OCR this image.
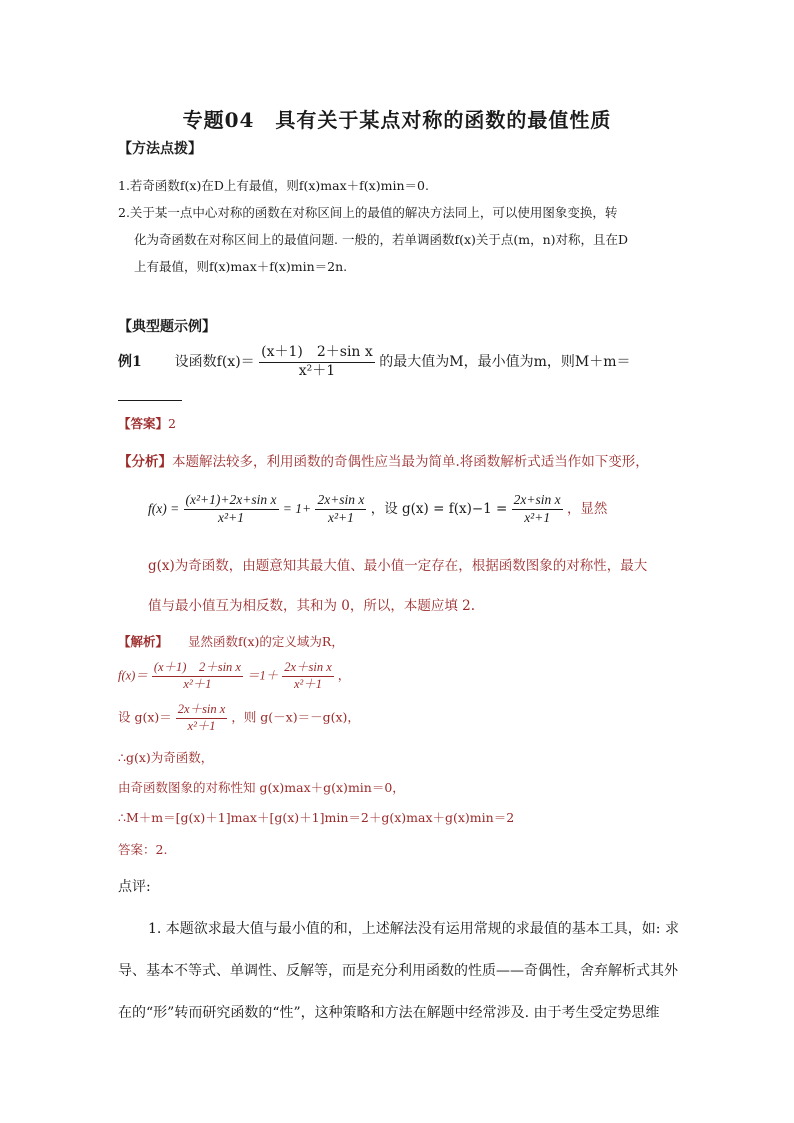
专题04　具有关于某点对称的函数的最值性质
【方法点拨】
1.若奇函数f(x)在D上有最值，则f(x)max＋f(x)min＝0.
2.关于某一点中心对称的函数在对称区间上的最值的解决方法同上，可以使用图象变换，转
化为奇函数在对称区间上的最值问题. 一般的，若单调函数f(x)关于点(m，n)对称，且在D
上有最值，则f(x)max＋f(x)min＝2n.
【典型题示例】
例1 设函数$f(x)= \frac{\text{(x＋1)　2＋sin x}}{\text{x²＋1}}$ 的最大值为M，最小值为m，则M＋m＝
【答案】2
【分析】本题解法较多，利用函数的奇偶性应当最为简单.将函数解析式适当作如下变形，
$f(x) = \frac{\text{(x²+1)+2x+sin x}}{\text{x²+1}} = 1+ \frac{\text{2x+sin x}}{\text{x²+1}}$ ，设 $g(x) = f(x)-1 = \frac{\text{2x+sin x}}{\text{x²+1}}$ ，显然
g(x)为奇函数，由题意知其最大值、最小值一定存在，根据函数图象的对称性，最大
值与最小值互为相反数，其和为 0，所以，本题应填 2.
【解析】 显然函数f(x)的定义域为R，
$f(x)= \frac{\text{(x＋1)　2＋sin x}}{\text{x²＋1}} =1+ \frac{\text{2x＋sin x}}{\text{x²＋1}}$ ，
设 $g(x)= \frac{\text{2x＋sin x}}{\text{x²＋1}}$ ，则 g(－x)＝－g(x)，
∴g(x)为奇函数，
由奇函数图象的对称性知 g(x)max＋g(x)min＝0，
∴M＋m＝[g(x)＋1]max＋[g(x)＋1]min＝2＋g(x)max＋g(x)min＝2
答案：2.
点评:
1. 本题欲求最大值与最小值的和，上述解法没有运用常规的求最值的基本工具，如: 求
导、基本不等式、单调性、反解等，而是充分利用函数的性质——奇偶性，舍弃解析式其外
在的“形”转而研究函数的“性”，这种策略和方法在解题中经常涉及. 由于考生受定势思维
